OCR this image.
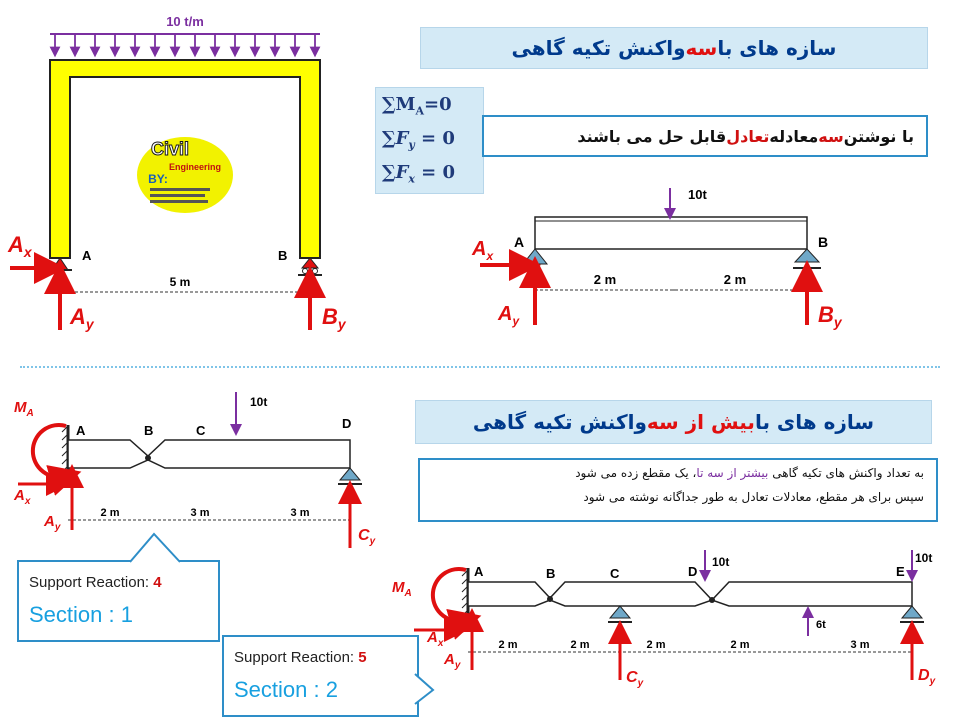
10 t/m
A	B
5 m
$A_x$
$A_y$	$B_y$
Civil
Engineering
BY:
سازه های با
سه
واکنش تکیه گاهی
$\sum M_A=0$
$\sum F_y = 0$
$\sum F_x = 0$
با نوشتن
سه
معادله
تعادل
قابل حل می باشند
10t
A	B
2 m	2 m
$A_x$
$A_y$	$B_y$
10t
A	B	C	D
2 m	3 m	3 m
$M_A$
$A_x$
$A_y$	$C_y$
Support Reaction: 4
Section : 1
سازه های با
بیش از سه
واکنش تکیه گاهی
به تعداد واکنش های تکیه گاهی بیشتر از سه تا، یک مقطع زده می شود
سپس برای هر مقطع، معادلات تعادل به طور جداگانه نوشته می شود
A	B	C	D	E
10t	10t
6t
2 m	2 m	2 m	2 m	3 m
$M_A$
$A_x$
$A_y$
$C_y$	$D_y$
Support Reaction: 5
Section : 2
